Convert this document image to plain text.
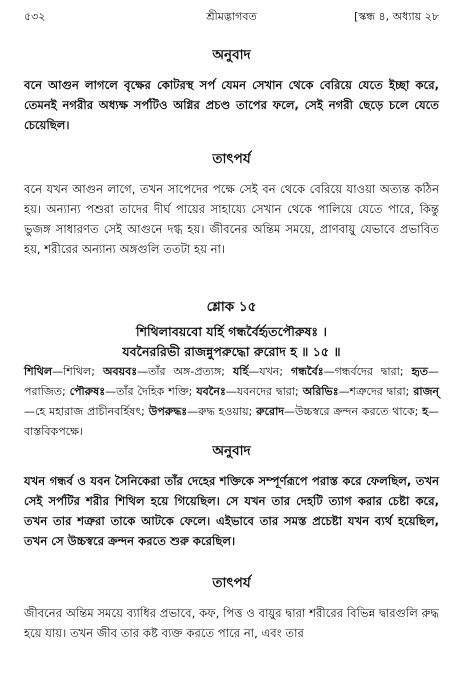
৫৩২	শ্রীমদ্ভাগবত	[স্কন্ধ ৪, অধ্যায় ২৮
অনুবাদ
বনে আগুন লাগলে বৃক্ষের কোটরস্থ সর্প যেমন সেখান থেকে বেরিয়ে যেতে ইচ্ছা করে, তেমনই নগরীর অধ্যক্ষ সর্পটিও অগ্নির প্রচণ্ড তাপের ফলে, সেই নগরী ছেড়ে চলে যেতে চেয়েছিল।
তাৎপর্য
বনে যখন আগুন লাগে, তখন সাপেদের পক্ষে সেই বন থেকে বেরিয়ে যাওয়া অত্যন্ত কঠিন হয়। অন্যান্য পশুরা তাদের দীর্ঘ পায়ের সাহায্যে সেখান থেকে পালিয়ে যেতে পারে, কিন্তু ভুজঙ্গ সাধারণত সেই আগুনে দগ্ধ হয়। জীবনের অন্তিম সময়ে, প্রাণবায়ু যেভাবে প্রভাবিত হয়, শরীরের অন্যান্য অঙ্গগুলি ততটা হয় না।
শ্লোক ১৫
শিথিলাবয়বো যর্হি গন্ধর্বৈর্হৃতপৌরুষঃ ।
যবনৈররিভী রাজন্নুপরুদ্ধো রুরোদ হ ॥ ১৫ ॥
শিথিল—শিথিল; অবয়বঃ—তাঁর অঙ্গ-প্রত্যঙ্গ; যর্হি—যখন; গন্ধর্বৈঃ—গন্ধর্বদের দ্বারা; হৃত—পরাজিত; পৌরুষঃ—তাঁর দৈহিক শক্তি; যবনৈঃ—যবনদের দ্বারা; অরিভিঃ—শত্রুদের দ্বারা; রাজন্—হে মহারাজ প্রাচীনবর্হিষৎ; উপরুদ্ধঃ—রুদ্ধ হওয়ায়; রুরোদ—উচ্চস্বরে ক্রন্দন করতে থাকে; হ—বাস্তবিকপক্ষে।
অনুবাদ
যখন গন্ধর্ব ও যবন সৈনিকেরা তাঁর দেহের শক্তিকে সম্পূর্ণরূপে পরাস্ত করে ফেলছিল, তখন সেই সর্পটির শরীর শিথিল হয়ে গিয়েছিল। সে যখন তার দেহটি ত্যাগ করার চেষ্টা করে, তখন তার শত্রুরা তাকে আটকে ফেলে। এইভাবে তার সমস্ত প্রচেষ্টা যখন ব্যর্থ হয়েছিল, তখন সে উচ্চস্বরে ক্রন্দন করতে শুরু করেছিল।
তাৎপর্য
জীবনের অন্তিম সময়ে ব্যাধির প্রভাবে, কফ, পিত্ত ও বায়ুর দ্বারা শরীরের বিভিন্ন দ্বারগুলি রুদ্ধ হয়ে যায়। তখন জীব তার কষ্ট ব্যক্ত করতে পারে না, এবং তার
